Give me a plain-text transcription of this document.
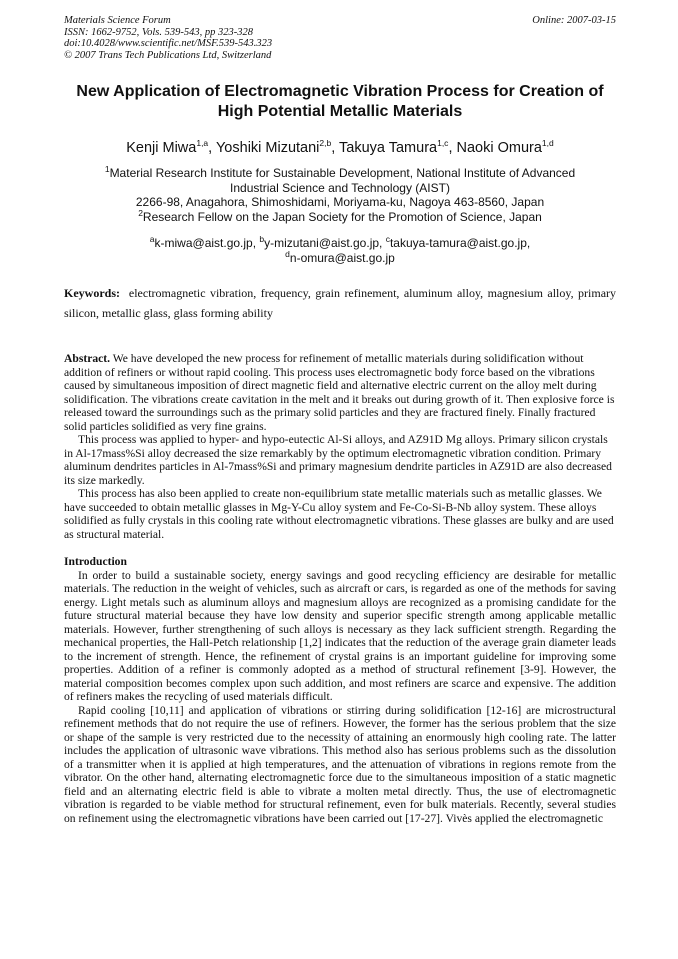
Materials Science Forum
ISSN: 1662-9752, Vols. 539-543, pp 323-328
doi:10.4028/www.scientific.net/MSF.539-543.323
© 2007 Trans Tech Publications Ltd, Switzerland
Online: 2007-03-15
New Application of Electromagnetic Vibration Process for Creation of High Potential Metallic Materials
Kenji Miwa$^{1,a}$, Yoshiki Mizutani$^{2,b}$, Takuya Tamura$^{1,c}$, Naoki Omura$^{1,d}$
$^1$Material Research Institute for Sustainable Development, National Institute of Advanced
Industrial Science and Technology (AIST)
2266-98, Anagahora, Shimoshidami, Moriyama-ku, Nagoya 463-8560, Japan
$^2$Research Fellow on the Japan Society for the Promotion of Science, Japan
$^a$k-miwa@aist.go.jp, $^b$y-mizutani@aist.go.jp, $^c$takuya-tamura@aist.go.jp,
$^d$n-omura@aist.go.jp
Keywords: electromagnetic vibration, frequency, grain refinement, aluminum alloy, magnesium alloy, primary silicon, metallic glass, glass forming ability

Abstract. We have developed the new process for refinement of metallic materials during solidification without addition of refiners or without rapid cooling. This process uses electromagnetic body force based on the vibrations caused by simultaneous imposition of direct magnetic field and alternative electric current on the alloy melt during solidification. The vibrations create cavitation in the melt and it breaks out during growth of it. Then explosive force is released toward the surroundings such as the primary solid particles and they are fractured finely. Finally fractured solid particles solidified as very fine grains.

This process was applied to hyper- and hypo-eutectic Al-Si alloys, and AZ91D Mg alloys. Primary silicon crystals in Al-17mass%Si alloy decreased the size remarkably by the optimum electromagnetic vibration condition. Primary aluminum dendrites particles in Al-7mass%Si and primary magnesium dendrite particles in AZ91D are also decreased its size markedly.

This process has also been applied to create non-equilibrium state metallic materials such as metallic glasses. We have succeeded to obtain metallic glasses in Mg-Y-Cu alloy system and Fe-Co-Si-B-Nb alloy system. These alloys solidified as fully crystals in this cooling rate without electromagnetic vibrations. These glasses are bulky and are used as structural material.

Introduction

In order to build a sustainable society, energy savings and good recycling efficiency are desirable for metallic materials. The reduction in the weight of vehicles, such as aircraft or cars, is regarded as one of the methods for saving energy. Light metals such as aluminum alloys and magnesium alloys are recognized as a promising candidate for the future structural material because they have low density and superior specific strength among applicable metallic materials. However, further strengthening of such alloys is necessary as they lack sufficient strength. Regarding the mechanical properties, the Hall-Petch relationship [1,2] indicates that the reduction of the average grain diameter leads to the increment of strength. Hence, the refinement of crystal grains is an important guideline for improving some properties. Addition of a refiner is commonly adopted as a method of structural refinement [3-9]. However, the material composition becomes complex upon such addition, and most refiners are scarce and expensive. The addition of refiners makes the recycling of used materials difficult.

Rapid cooling [10,11] and application of vibrations or stirring during solidification [12-16] are microstructural refinement methods that do not require the use of refiners. However, the former has the serious problem that the size or shape of the sample is very restricted due to the necessity of attaining an enormously high cooling rate. The latter includes the application of ultrasonic wave vibrations. This method also has serious problems such as the dissolution of a transmitter when it is applied at high temperatures, and the attenuation of vibrations in regions remote from the vibrator. On the other hand, alternating electromagnetic force due to the simultaneous imposition of a static magnetic field and an alternating electric field is able to vibrate a molten metal directly. Thus, the use of electromagnetic vibration is regarded to be viable method for structural refinement, even for bulk materials. Recently, several studies on refinement using the electromagnetic vibrations have been carried out [17-27]. Vivès applied the electromagnetic
